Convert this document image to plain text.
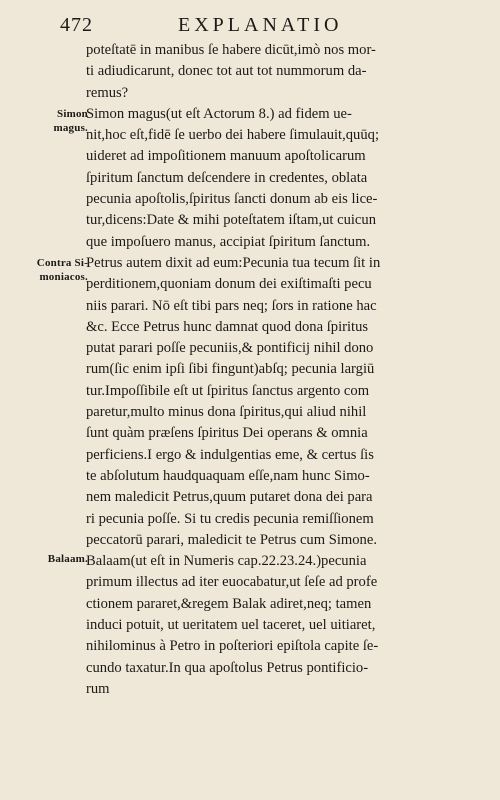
472	EXPLANATIO
Simon
magus.
Contra Si-
moniacos.
Balaam.
poteſtatē in manibus ſe habere dicūt,imò nos mor-
ti adiudicarunt, donec tot aut tot nummorum da-
remus?
Simon magus(ut eſt Actorum 8.) ad fidem ue-
nit,hoc eſt,fidē ſe uerbo dei habere ſimulauit,quūq;
uideret ad impoſitionem manuum apoſtolicarum
ſpiritum ſanctum deſcendere in credentes, oblata
pecunia apoſtolis,ſpiritus ſancti donum ab eis lice-
tur,dicens:Date & mihi poteſtatem iſtam,ut cuicun
que impoſuero manus, accipiat ſpiritum ſanctum.
Petrus autem dixit ad eum:Pecunia tua tecum ſit in
perditionem,quoniam donum dei exiſtimaſti pecu
niis parari. Nō eſt tibi pars neq; ſors in ratione hac
&c. Ecce Petrus hunc damnat quod dona ſpiritus
putat parari poſſe pecuniis,& pontificij nihil dono
rum(ſic enim ipſi ſibi fingunt)abſq; pecunia largiū
tur.Impoſſibile eſt ut ſpiritus ſanctus argento com
paretur,multo minus dona ſpiritus,qui aliud nihil
ſunt quàm præſens ſpiritus Dei operans & omnia
perficiens.I ergo & indulgentias eme, & certus ſis
te abſolutum haudquaquam eſſe,nam hunc Simo-
nem maledicit Petrus,quum putaret dona dei para
ri pecunia poſſe. Si tu credis pecunia remiſſionem
peccatorū parari, maledicit te Petrus cum Simone.
Balaam(ut eſt in Numeris cap.22.23.24.)pecunia
primum illectus ad iter euocabatur,ut ſeſe ad profe
ctionem pararet,&regem Balak adiret,neq; tamen
induci potuit, ut ueritatem uel taceret, uel uitiaret,
nihilominus à Petro in poſteriori epiſtola capite ſe-
cundo taxatur.In qua apoſtolus Petrus pontificio-
rum
